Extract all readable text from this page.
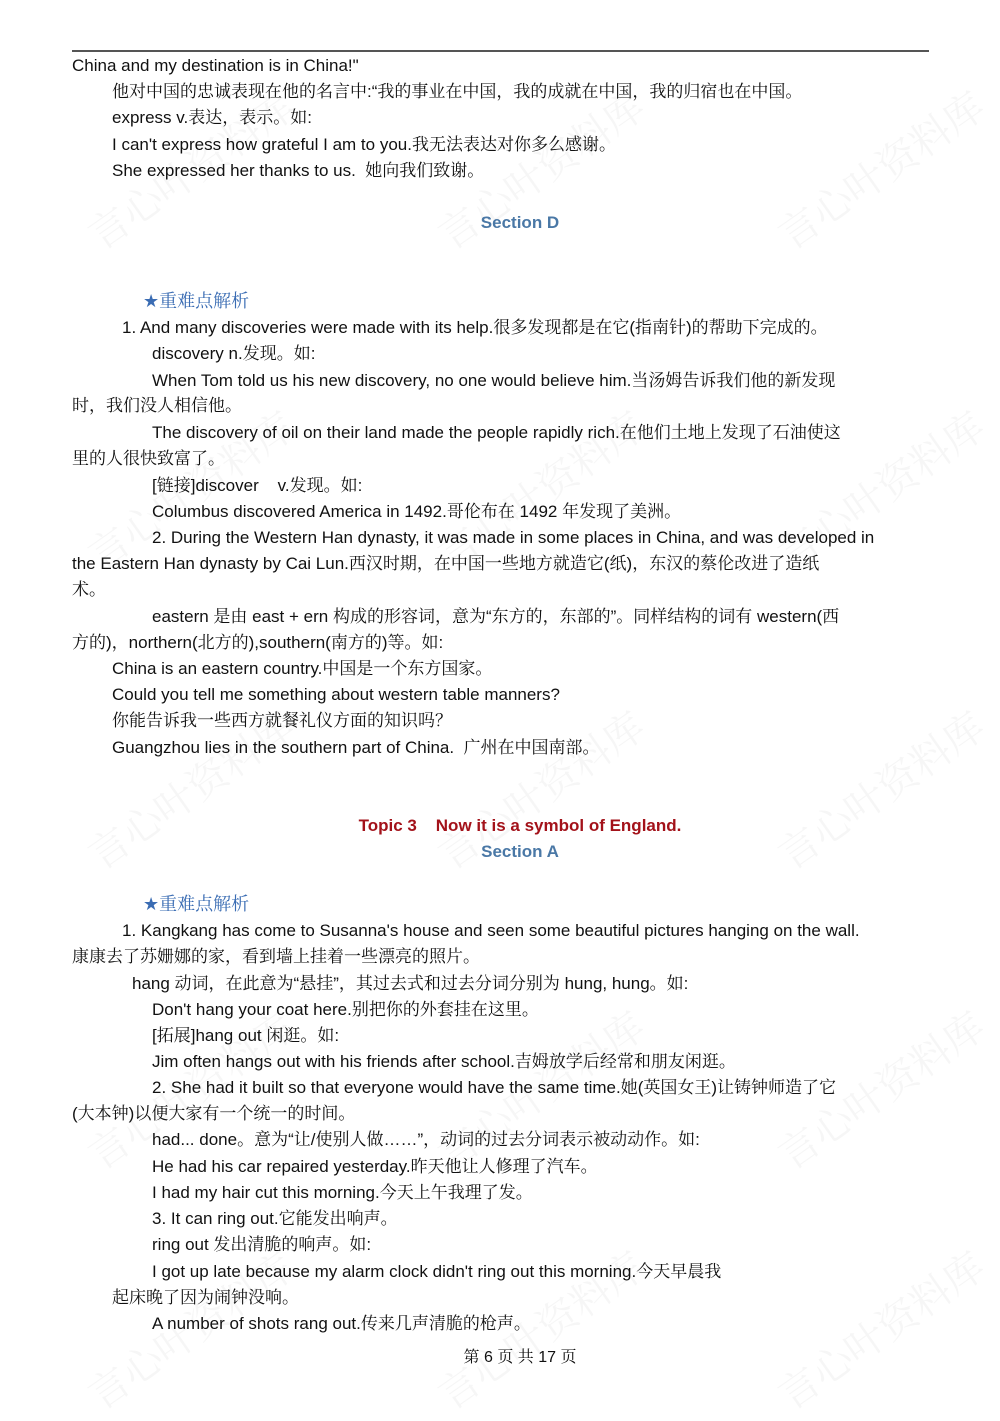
China and my destination is in China!"
他对中国的忠诚表现在他的名言中:“我的事业在中国，我的成就在中国，我的归宿也在中国。
express v.表达，表示。如:
I can't express how grateful I am to you.我无法表达对你多么感谢。
She expressed her thanks to us.  她向我们致谢。
Section D
★重难点解析
1. And many discoveries were made with its help.很多发现都是在它(指南针)的帮助下完成的。
discovery n.发现。如:
When Tom told us his new discovery, no one would believe him.当汤姆告诉我们他的新发现
时，我们没人相信他。
The discovery of oil on their land made the people rapidly rich.在他们土地上发现了石油使这
里的人很快致富了。
[链接]discover    v.发现。如:
Columbus discovered America in 1492.哥伦布在 1492 年发现了美洲。
2. During the Western Han dynasty, it was made in some places in China, and was developed in
the Eastern Han dynasty by Cai Lun.西汉时期，在中国一些地方就造它(纸)，东汉的蔡伦改进了造纸
术。
eastern 是由 east + ern 构成的形容词，意为“东方的，东部的”。同样结构的词有 western(西
方的)，northern(北方的),southern(南方的)等。如:
China is an eastern country.中国是一个东方国家。
Could you tell me something about western table manners?
你能告诉我一些西方就餐礼仪方面的知识吗？
Guangzhou lies in the southern part of China.  广州在中国南部。
Topic 3    Now it is a symbol of England.
Section A
★重难点解析
1. Kangkang has come to Susanna's house and seen some beautiful pictures hanging on the wall.
康康去了苏姗娜的家，看到墙上挂着一些漂亮的照片。
hang 动词，在此意为“悬挂”，其过去式和过去分词分别为 hung, hung。如:
Don't hang your coat here.别把你的外套挂在这里。
[拓展]hang out 闲逛。如:
Jim often hangs out with his friends after school.吉姆放学后经常和朋友闲逛。
2. She had it built so that everyone would have the same time.她(英国女王)让铸钟师造了它
(大本钟)以便大家有一个统一的时间。
had... done。意为“让/使别人做……”，动词的过去分词表示被动动作。如:
He had his car repaired yesterday.昨天他让人修理了汽车。
I had my hair cut this morning.今天上午我理了发。
3. It can ring out.它能发出响声。
ring out 发出清脆的响声。如:
I got up late because my alarm clock didn't ring out this morning.今天早晨我
起床晚了因为闹钟没响。
A number of shots rang out.传来几声清脆的枪声。
第 6 页 共 17 页
